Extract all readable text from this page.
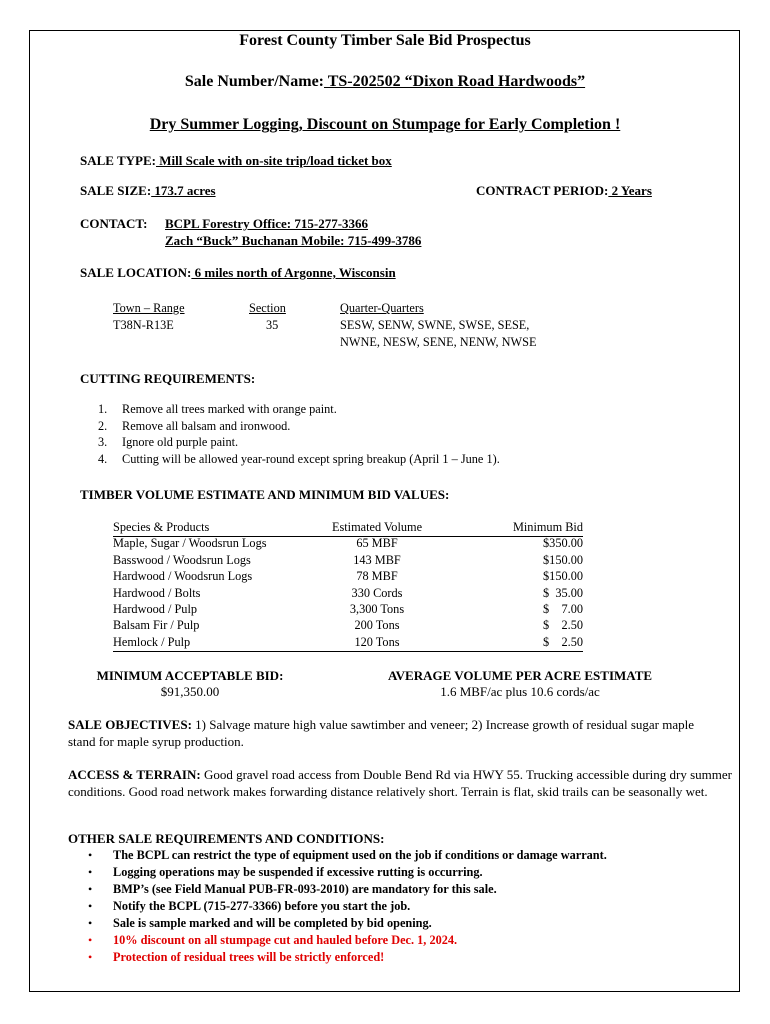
Forest County Timber Sale Bid Prospectus
Sale Number/Name: TS-202502 “Dixon Road Hardwoods”
Dry Summer Logging, Discount on Stumpage for Early Completion !
SALE TYPE: Mill Scale with on-site trip/load ticket box
SALE SIZE: 173.7 acres	CONTRACT PERIOD: 2 Years
CONTACT: BCPL Forestry Office: 715-277-3366
Zach “Buck” Buchanan Mobile: 715-499-3786
SALE LOCATION: 6 miles north of Argonne, Wisconsin
Town – Range	Section	Quarter-Quarters
T38N-R13E	35	SESW, SENW, SWNE, SWSE, SESE,
NWNE, NESW, SENE, NENW, NWSE
CUTTING REQUIREMENTS:
1. Remove all trees marked with orange paint.
2. Remove all balsam and ironwood.
3. Ignore old purple paint.
4. Cutting will be allowed year-round except spring breakup (April 1 – June 1).
TIMBER VOLUME ESTIMATE AND MINIMUM BID VALUES:
Species & Products	Estimated Volume	Minimum Bid
Maple, Sugar / Woodsrun Logs	65 MBF	$350.00
Basswood / Woodsrun Logs	143 MBF	$150.00
Hardwood / Woodsrun Logs	78 MBF	$150.00
Hardwood / Bolts	330 Cords	$  35.00
Hardwood / Pulp	3,300 Tons	$    7.00
Balsam Fir / Pulp	200 Tons	$    2.50
Hemlock / Pulp	120 Tons	$    2.50
MINIMUM ACCEPTABLE BID:
$91,350.00
AVERAGE VOLUME PER ACRE ESTIMATE
1.6 MBF/ac plus 10.6 cords/ac
SALE OBJECTIVES: 1) Salvage mature high value sawtimber and veneer; 2) Increase growth of residual sugar maple stand for maple syrup production.
ACCESS & TERRAIN: Good gravel road access from Double Bend Rd via HWY 55. Trucking accessible during dry summer conditions. Good road network makes forwarding distance relatively short. Terrain is flat, skid trails can be seasonally wet.
OTHER SALE REQUIREMENTS AND CONDITIONS:
• The BCPL can restrict the type of equipment used on the job if conditions or damage warrant.
• Logging operations may be suspended if excessive rutting is occurring.
• BMP’s (see Field Manual PUB-FR-093-2010) are mandatory for this sale.
• Notify the BCPL (715-277-3366) before you start the job.
• Sale is sample marked and will be completed by bid opening.
• 10% discount on all stumpage cut and hauled before Dec. 1, 2024.
• Protection of residual trees will be strictly enforced!
